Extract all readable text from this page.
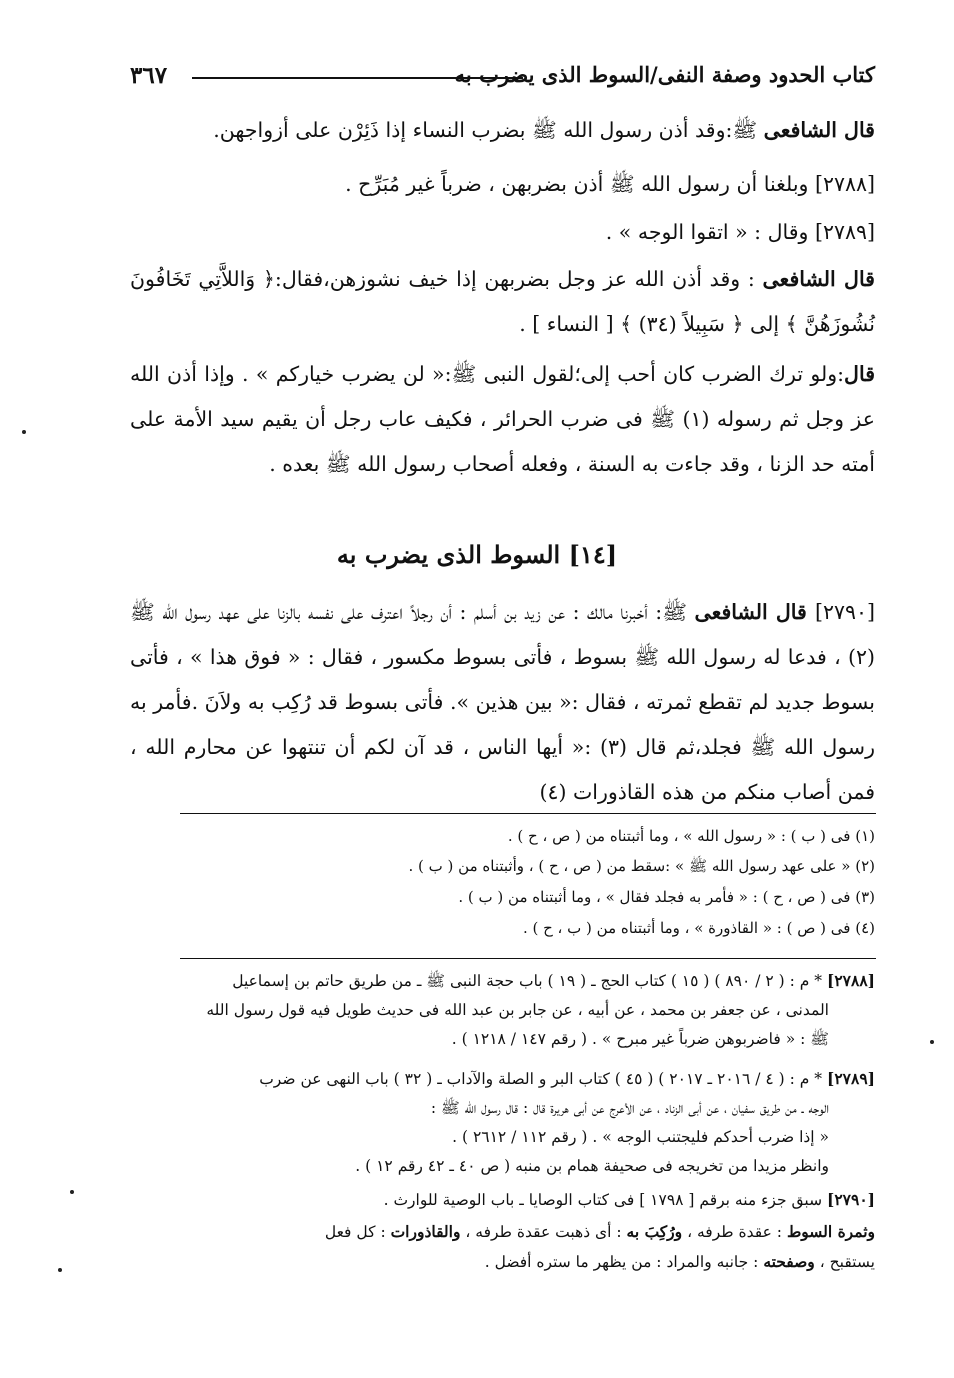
كتاب الحدود وصفة النفى/السوط الذى يضرب به
٣٦٧

قال الشافعى ﷺ:وقد أذن رسول الله ﷺ بضرب النساء إذا ذَئِرْن على أزواجهن.

[٢٧٨٨] وبلغنا أن رسول الله ﷺ أذن بضربهن ، ضرباً غير مُبَرِّح .

[٢٧٨٩] وقال : « اتقوا الوجه » .

قال الشافعى : وقد أذن الله عز وجل بضربهن إذا خيف نشوزهن،فقال:﴿ وَاللاَّتِي تَخَافُونَ نُشُوزَهُنَّ ﴾ إلى ﴿ سَبِيلاً (٣٤) ﴾ [ النساء ] .

قال:ولو ترك الضرب كان أحب إلى؛لقول النبى ﷺ:« لن يضرب خياركم » . وإذا أذن الله عز وجل ثم رسوله (١) ﷺ فى ضرب الحرائر ، فكيف عاب رجل أن يقيم سيد الأمة على أمته حد الزنا ، وقد جاءت به السنة ، وفعله أصحاب رسول الله ﷺ بعده .

[١٤] السوط الذى يضرب به

[٢٧٩٠] قال الشافعى ﷺ: أخبرنا مالك : عن زيد بن أسلم : أن رجلاً اعترف على نفسه بالزنا على عهد رسول الله ﷺ (٢) ، فدعا له رسول الله ﷺ بسوط ، فأتى بسوط مكسور ، فقال : « فوق هذا » ، فأتى بسوط جديد لم تقطع ثمرته ، فقال :« بين هذين ». فأتى بسوط قد رُكِب به ولاَنَ .فأمر به رسول الله ﷺ فجلد،ثم قال (٣) :« أيها الناس ، قد آن لكم أن تنتهوا عن محارم الله ، فمن أصاب منكم من هذه القاذورات (٤)

(١) فى ( ب ) : « رسول الله » ، وما أثبتناه من ( ص ، ح ) .

(٢) « على عهد رسول الله ﷺ » :سقط من ( ص ، ح ) ، وأثبتناه من ( ب ) .

(٣) فى ( ص ، ح ) : « فأمر به فجلد فقال » ، وما أثبتناه من ( ب ) .

(٤) فى ( ص ) : « القاذورة » ، وما أثبتناه من ( ب ، ح ) .

[٢٧٨٨] * م : ( ٢ / ٨٩٠ ) ( ١٥ ) كتاب الحج ـ ( ١٩ ) باب حجة النبى ﷺ ـ من طريق حاتم بن إسماعيل
المدنى ، عن جعفر بن محمد ، عن أبيه ، عن جابر بن عبد الله فى حديث طويل فيه قول رسول الله
ﷺ : « فاضربوهن ضرباً غير مبرح » . ( رقم ١٤٧ / ١٢١٨ ) .
[٢٧٨٩] * م : ( ٤ / ٢٠١٦ ـ ٢٠١٧ ) ( ٤٥ ) كتاب البر و الصلة والآداب ـ ( ٣٢ ) باب النهى عن ضرب
الوجه ـ من طريق سفيان ، عن أبى الزناد ، عن الأعرج عن أبى هريرة قال : قال رسول الله ﷺ :
« إذا ضرب أحدكم فليجتنب الوجه » . ( رقم ١١٢ / ٢٦١٢ ) .
وانظر مزيدا من تخريجه فى صحيفة همام بن منبه ( ص ٤٠ ـ ٤٢ رقم ١٢ ) .
[٢٧٩٠] سبق جزء منه برقم [ ١٧٩٨ ] فى كتاب الوصايا ـ باب الوصية للوارث .
وثمرة السوط : عقدة طرفه ، ورُكِبَ به : أى ذهبت عقدة طرفه ، والقاذورات : كل فعل
يستقبح ، وصفحته : جانبه والمراد : من يظهر ما ستره أفضل .
